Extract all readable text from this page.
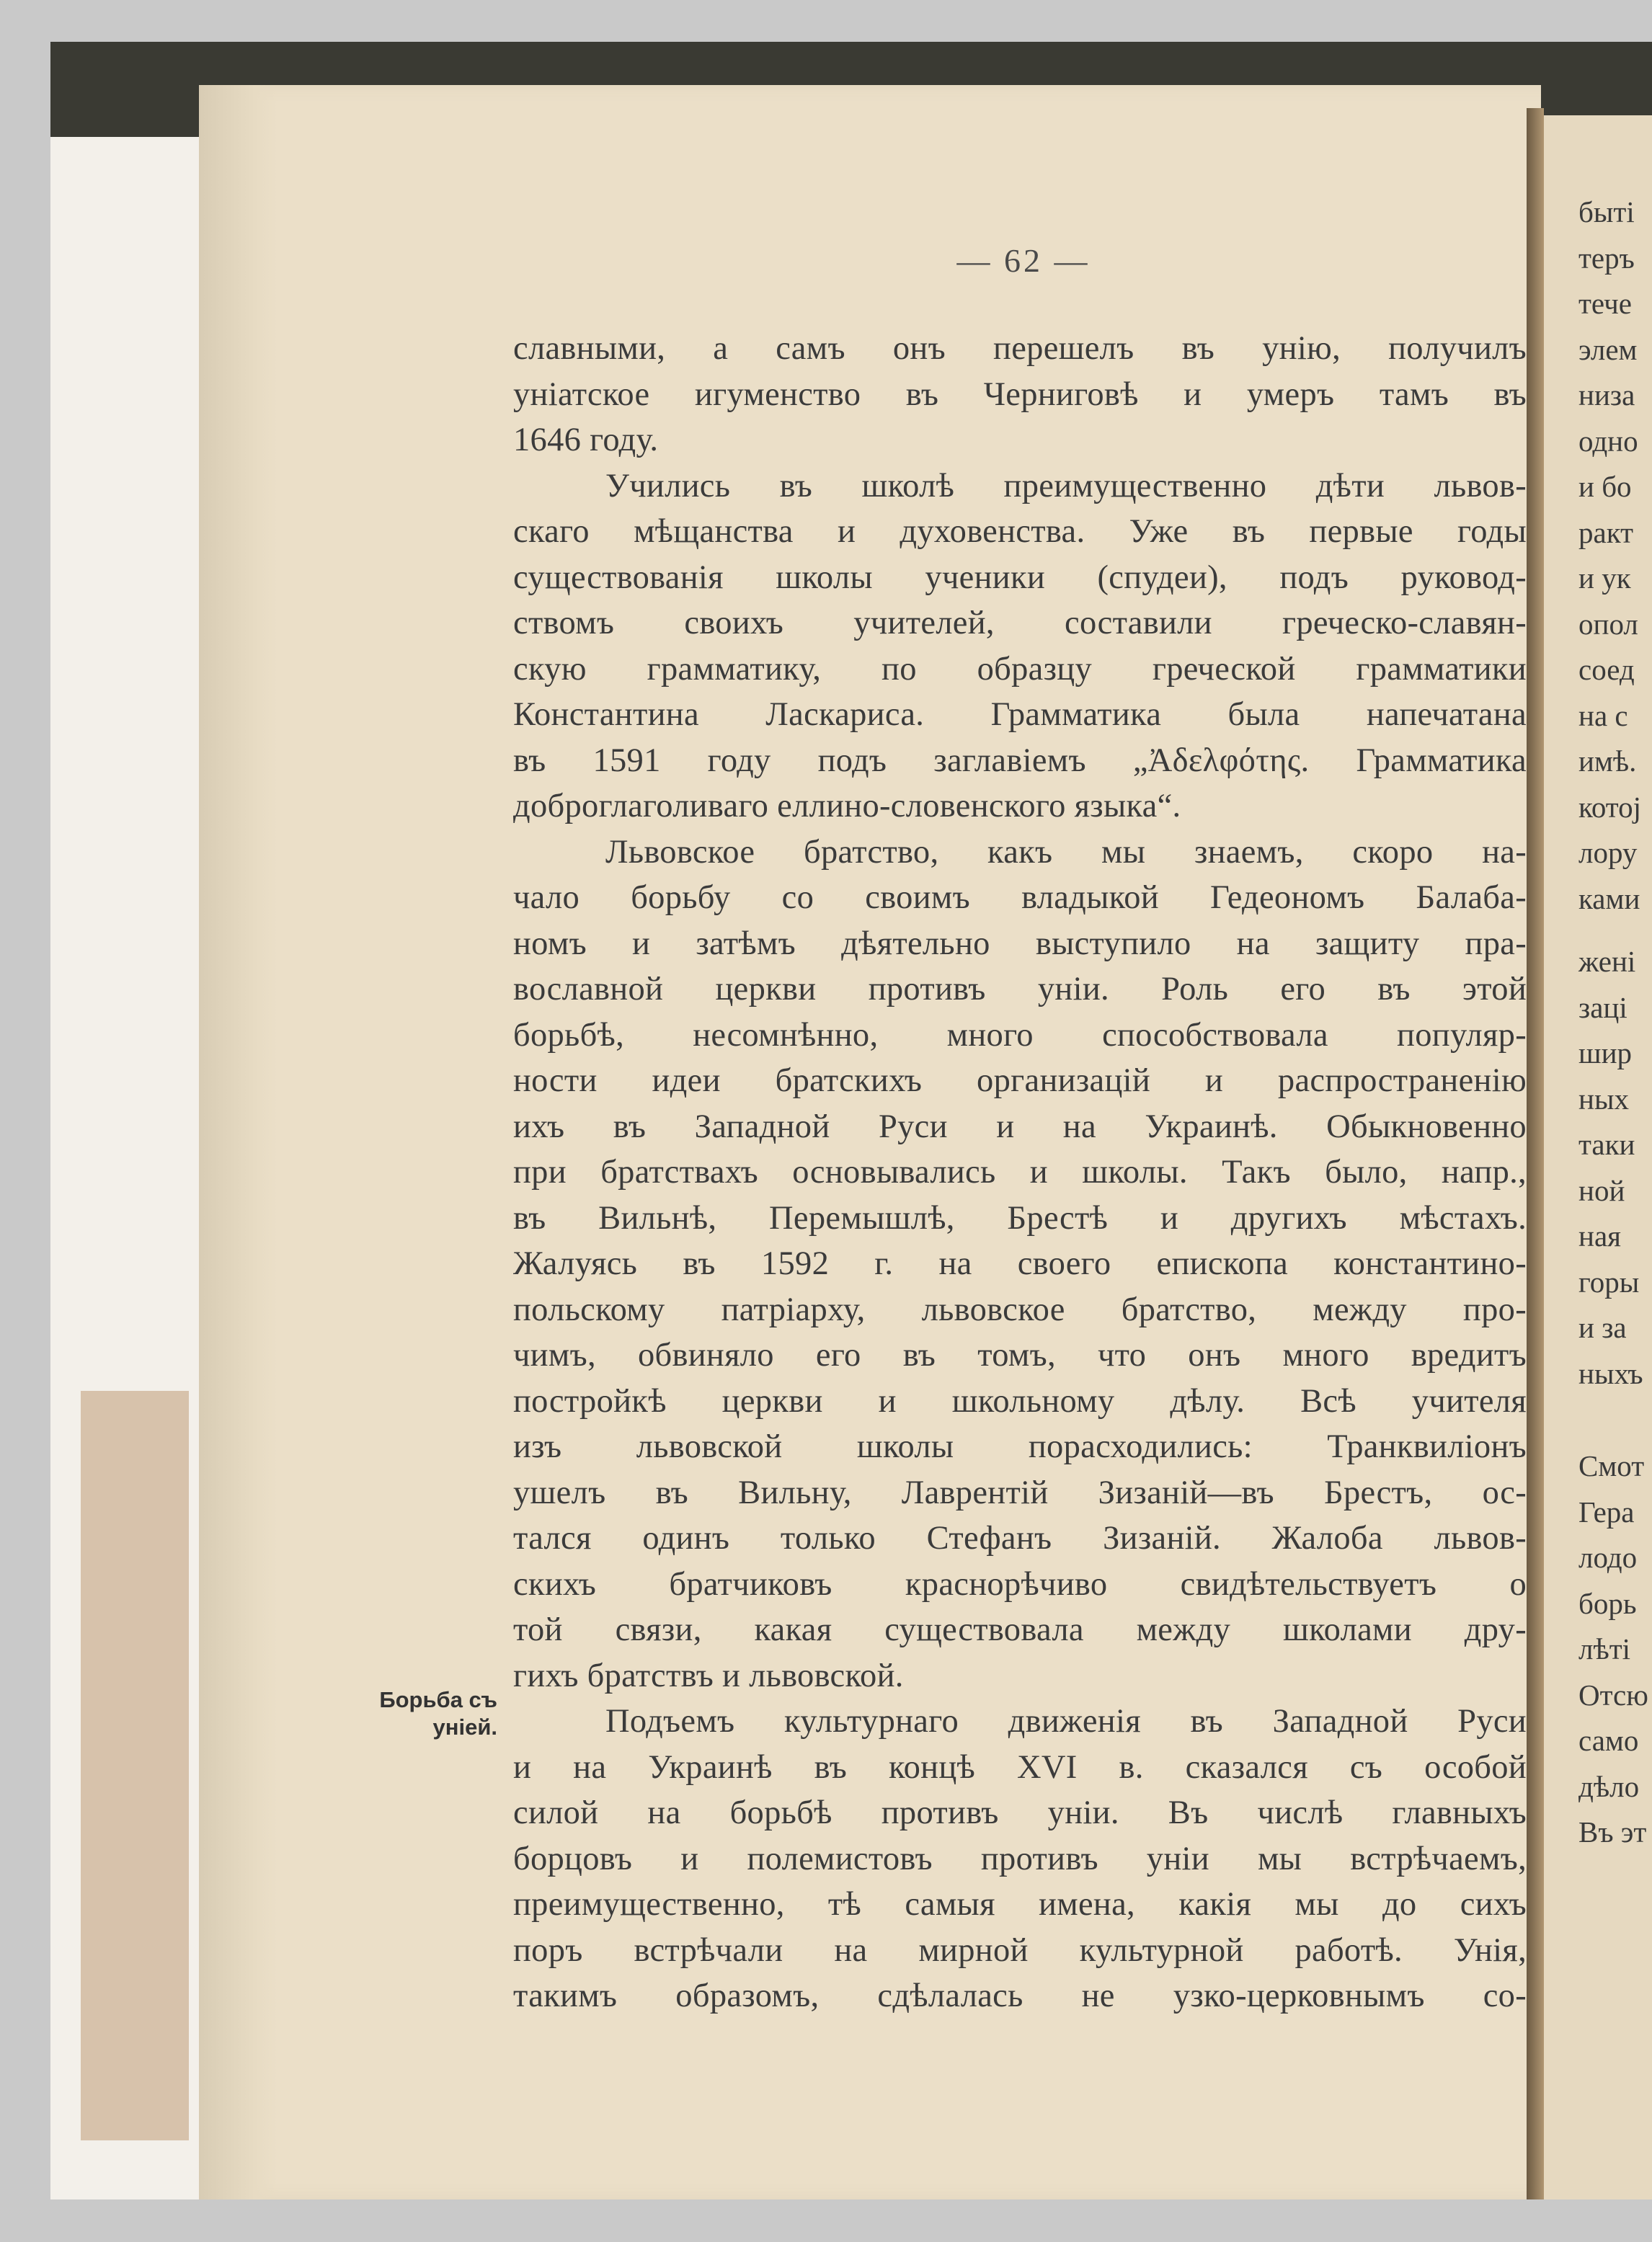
быті
теръ
тече
элем
низа
одно
и бо
ракт
и ук
опол
соед
на с
имѣ.
котој
лору
ками
жені
заці
шир
ных
таки
ной
ная
горы
и за
ныхъ
Смот
Гера
лодо
борь
лѣті
Отсю
само
дѣло
Въ эт
— 62 —
славными, а самъ онъ перешелъ въ унію, получилъ
уніатское игуменство въ Черниговѣ и умеръ тамъ въ
1646 году.
Учились въ школѣ преимущественно дѣти львов-
скаго мѣщанства и духовенства. Уже въ первые годы
существованія школы ученики (спудеи), подъ руковод-
ствомъ своихъ учителей, составили греческо-славян-
скую грамматику, по образцу греческой грамматики
Константина Ласкариса. Грамматика была напечатана
въ 1591 году подъ заглавіемъ „Ἀδελφότης. Грамматика
доброглаголиваго еллино-словенского языка“.
Львовское братство, какъ мы знаемъ, скоро на-
чало борьбу со своимъ владыкой Гедеономъ Балаба-
номъ и затѣмъ дѣятельно выступило на защиту пра-
вославной церкви противъ уніи. Роль его въ этой
борьбѣ, несомнѣнно, много способствовала популяр-
ности идеи братскихъ организацій и распространенію
ихъ въ Западной Руси и на Украинѣ. Обыкновенно
при братствахъ основывались и школы. Такъ было, напр.,
въ Вильнѣ, Перемышлѣ, Брестѣ и другихъ мѣстахъ.
Жалуясь въ 1592 г. на своего епископа константино-
польскому патріарху, львовское братство, между про-
чимъ, обвиняло его въ томъ, что онъ много вредитъ
постройкѣ церкви и школьному дѣлу. Всѣ учителя
изъ львовской школы порасходились: Транквиліонъ
ушелъ въ Вильну, Лаврентій Зизаній—въ Брестъ, ос-
тался одинъ только Стефанъ Зизаній. Жалоба львов-
скихъ братчиковъ краснорѣчиво свидѣтельствуетъ о
той связи, какая существовала между школами дру-
гихъ братствъ и львовской.
Подъемъ культурнаго движенія въ Западной Руси
и на Украинѣ въ концѣ XVI в. сказался съ особой
силой на борьбѣ противъ уніи. Въ числѣ главныхъ
борцовъ и полемистовъ противъ уніи мы встрѣчаемъ,
преимущественно, тѣ самыя имена, какія мы до сихъ
поръ встрѣчали на мирной культурной работѣ. Унія,
такимъ образомъ, сдѣлалась не узко-церковнымъ со-
Борьба съ
уніей.
